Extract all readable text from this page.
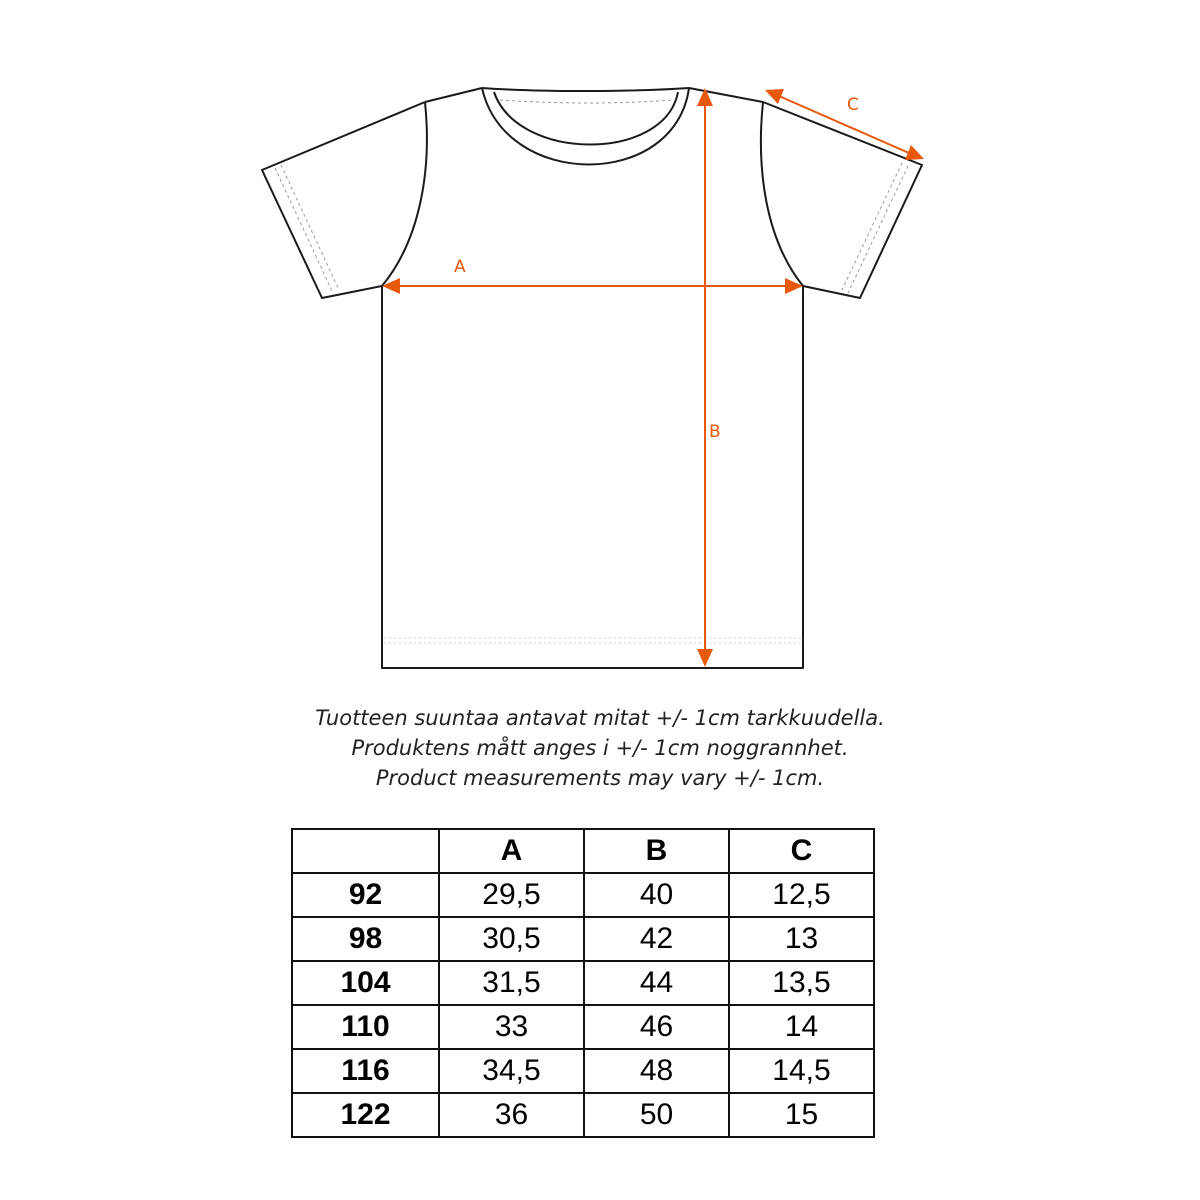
A
B
C
Tuotteen suuntaa antavat mitat +/- 1cm tarkkuudella.
Produktens mått anges i +/- 1cm noggrannhet.
Product measurements may vary +/- 1cm.
	A	B	C
92	29,5	40	12,5
98	30,5	42	13
104	31,5	44	13,5
110	33	46	14
116	34,5	48	14,5
122	36	50	15
